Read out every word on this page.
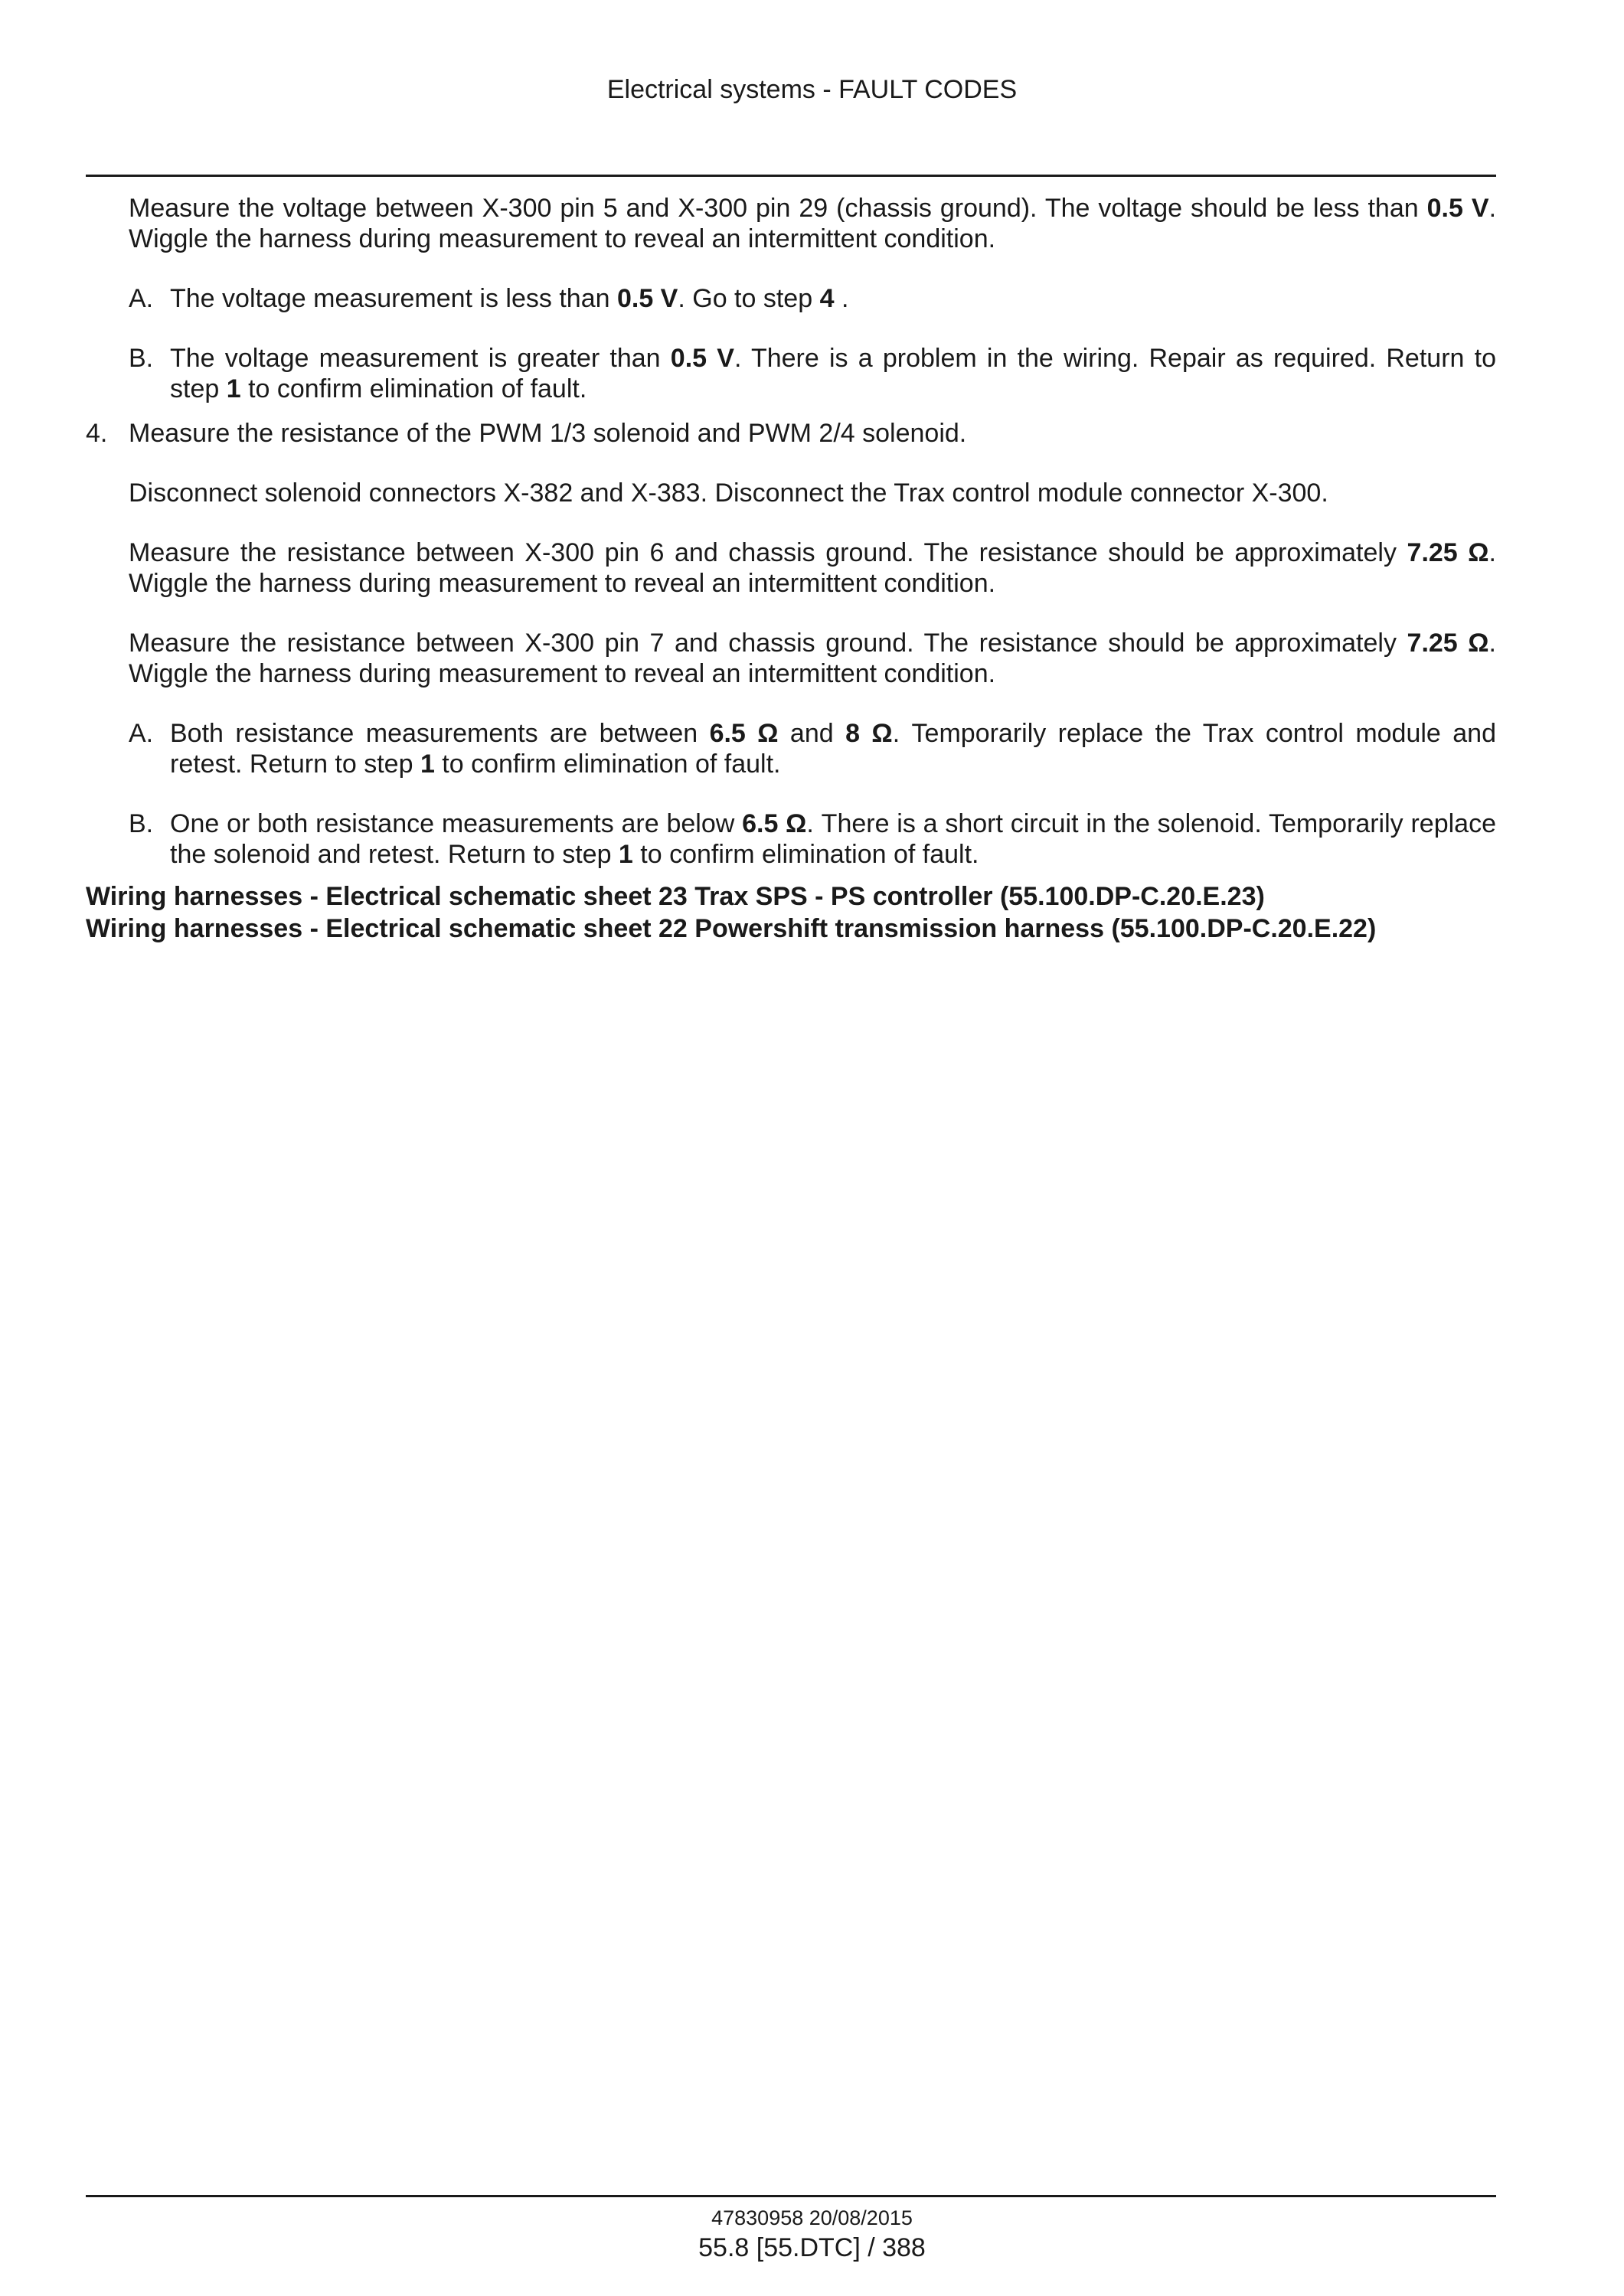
Electrical systems - FAULT CODES

Measure the voltage between X-300 pin 5 and X-300 pin 29 (chassis ground). The voltage should be less than 0.5 V. Wiggle the harness during measurement to reveal an intermittent condition.

A. The voltage measurement is less than 0.5 V. Go to step 4 .
B. The voltage measurement is greater than 0.5 V. There is a problem in the wiring. Repair as required. Return to step 1 to confirm elimination of fault.
4. Measure the resistance of the PWM 1/3 solenoid and PWM 2/4 solenoid.

Disconnect solenoid connectors X-382 and X-383. Disconnect the Trax control module connector X-300.

Measure the resistance between X-300 pin 6 and chassis ground. The resistance should be approximately 7.25 Ω. Wiggle the harness during measurement to reveal an intermittent condition.

Measure the resistance between X-300 pin 7 and chassis ground. The resistance should be approximately 7.25 Ω. Wiggle the harness during measurement to reveal an intermittent condition.

A. Both resistance measurements are between 6.5 Ω and 8 Ω. Temporarily replace the Trax control module and retest. Return to step 1 to confirm elimination of fault.
B. One or both resistance measurements are below 6.5 Ω. There is a short circuit in the solenoid. Temporarily replace the solenoid and retest. Return to step 1 to confirm elimination of fault.

Wiring harnesses - Electrical schematic sheet 23 Trax SPS - PS controller (55.100.DP-C.20.E.23)

Wiring harnesses - Electrical schematic sheet 22 Powershift transmission harness (55.100.DP-C.20.E.22)

47830958 20/08/2015
55.8 [55.DTC] / 388
